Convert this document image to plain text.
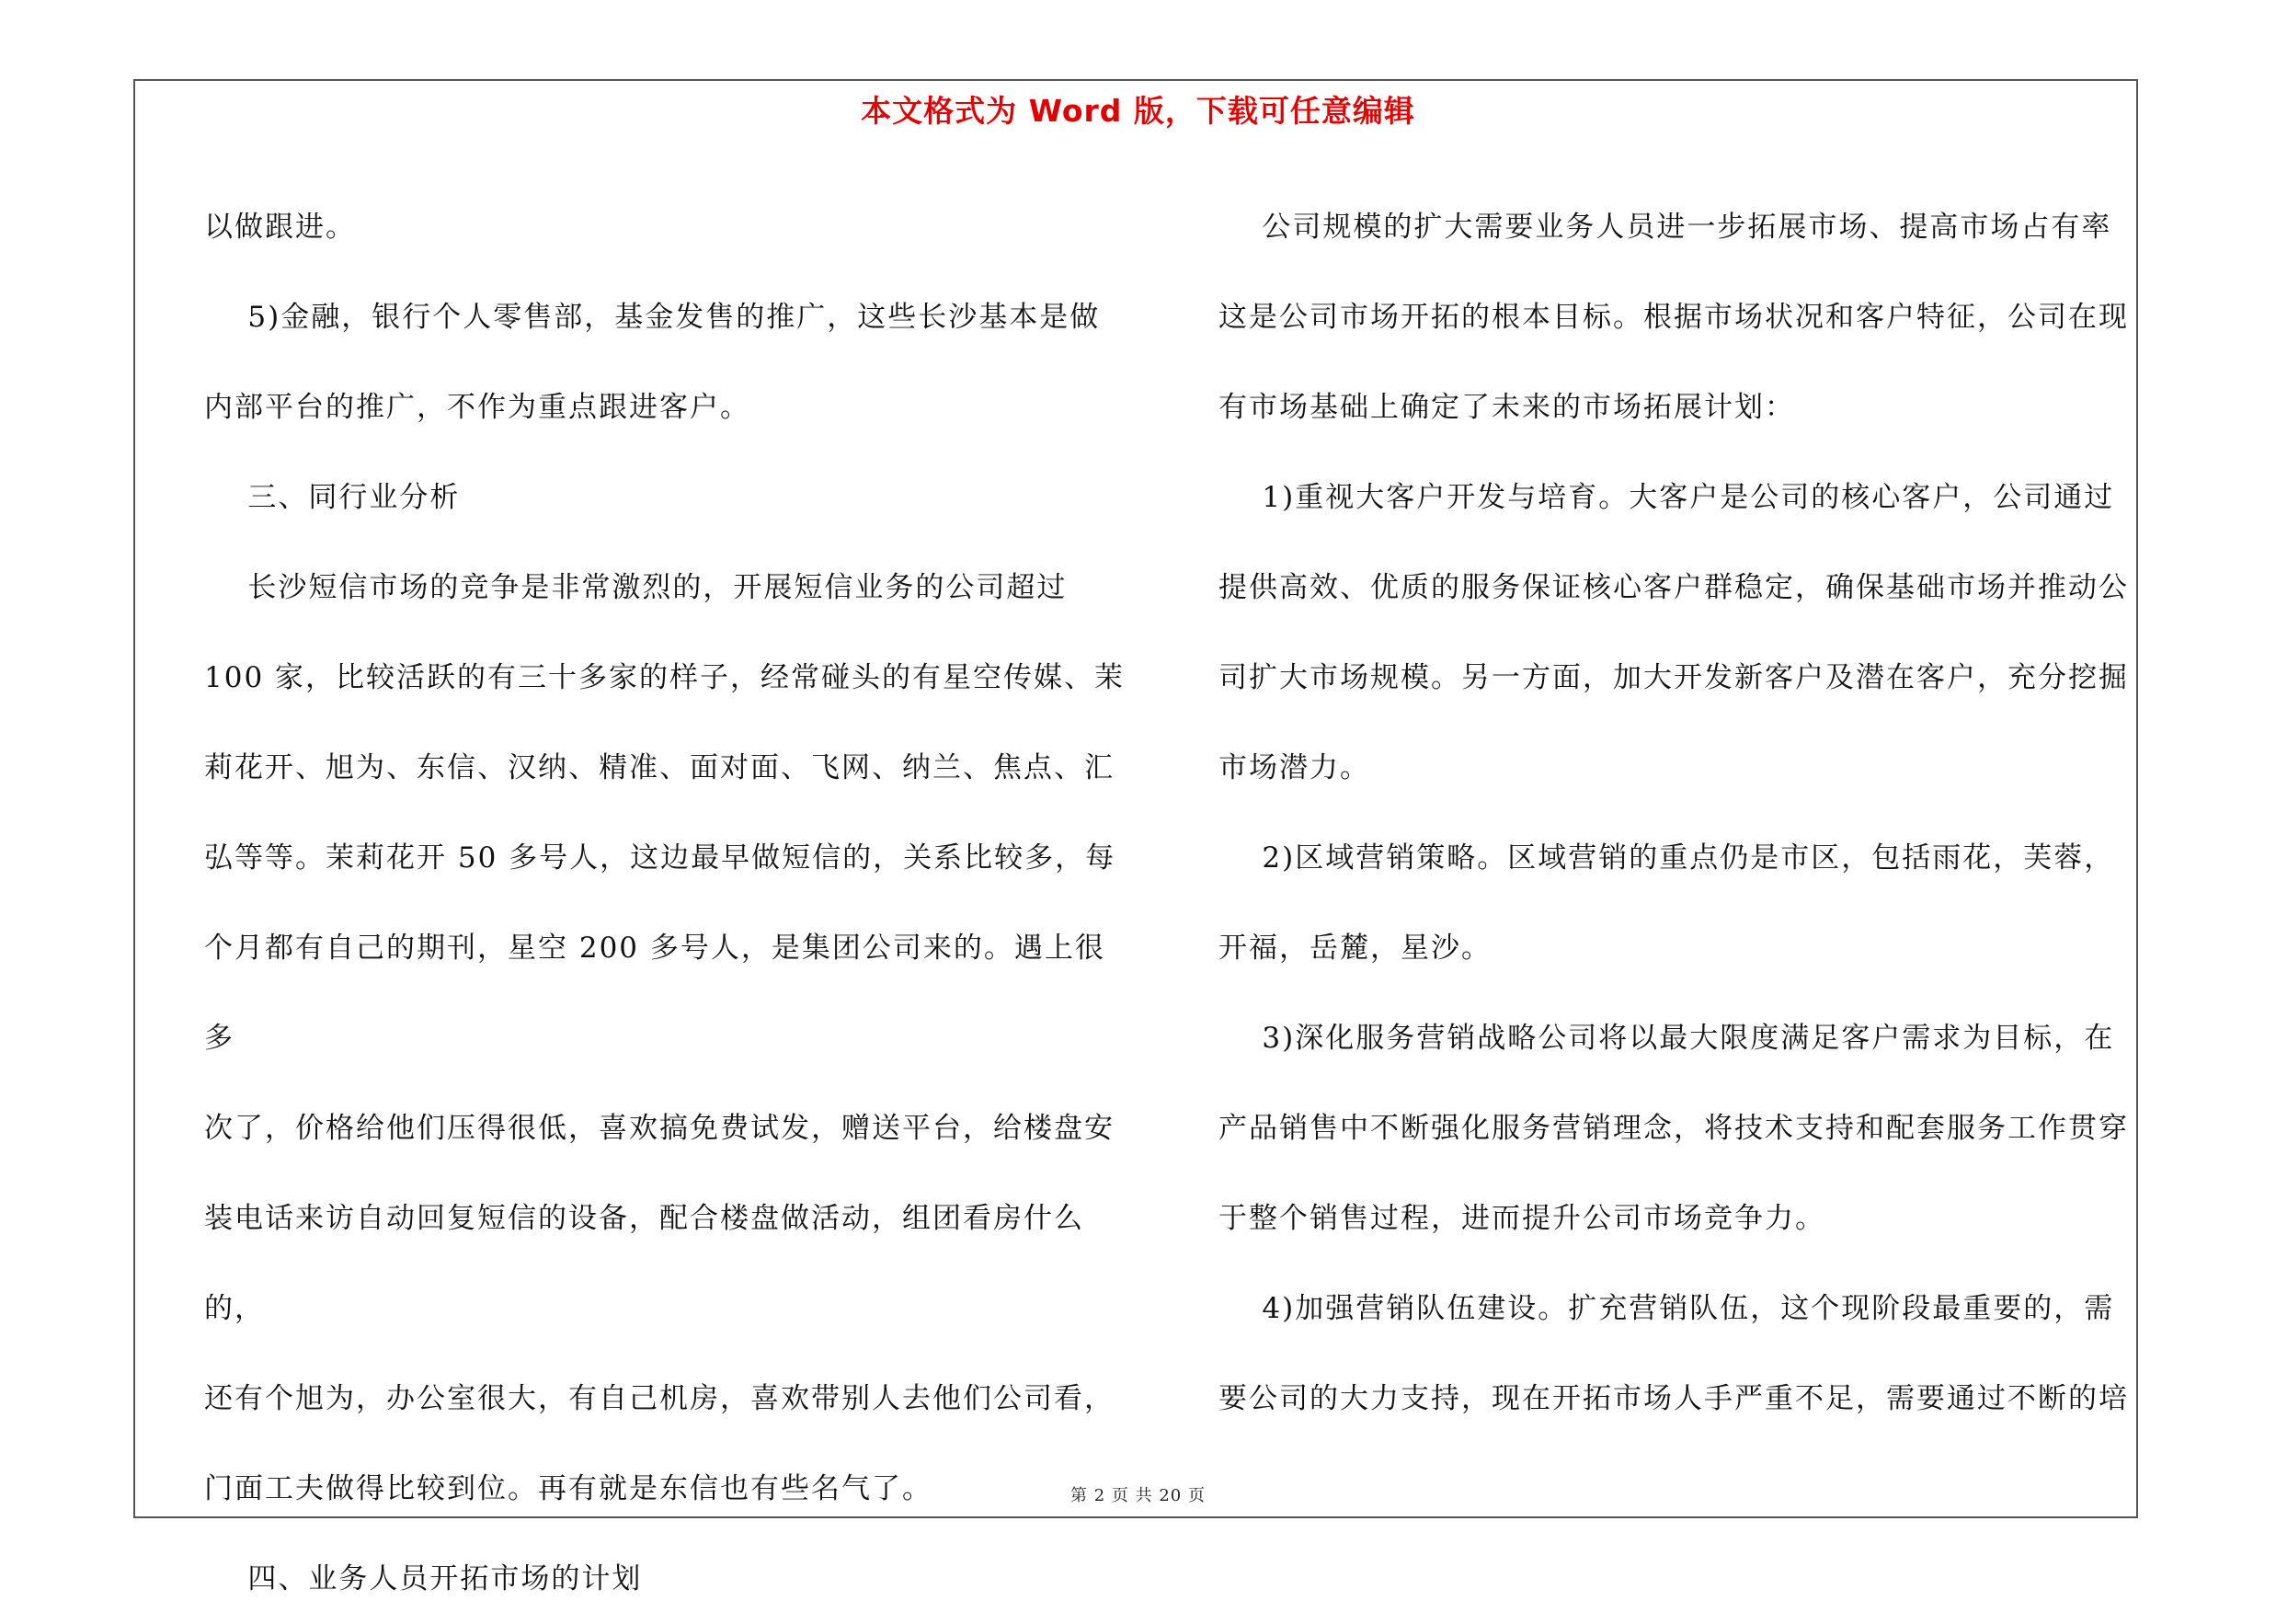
本文格式为 Word 版，下载可任意编辑

以做跟进。

5)金融，银行个人零售部，基金发售的推广，这些长沙基本是做

内部平台的推广，不作为重点跟进客户。

三、同行业分析

长沙短信市场的竞争是非常激烈的，开展短信业务的公司超过

100 家，比较活跃的有三十多家的样子，经常碰头的有星空传媒、茉

莉花开、旭为、东信、汉纳、精准、面对面、飞网、纳兰、焦点、汇

弘等等。茉莉花开 50 多号人，这边最早做短信的，关系比较多，每

个月都有自己的期刊，星空 200 多号人，是集团公司来的。遇上很多

次了，价格给他们压得很低，喜欢搞免费试发，赠送平台，给楼盘安

装电话来访自动回复短信的设备，配合楼盘做活动，组团看房什么的，

还有个旭为，办公室很大，有自己机房，喜欢带别人去他们公司看，

门面工夫做得比较到位。再有就是东信也有些名气了。

四、业务人员开拓市场的计划

公司规模的扩大需要业务人员进一步拓展市场、提高市场占有率

这是公司市场开拓的根本目标。根据市场状况和客户特征，公司在现

有市场基础上确定了未来的市场拓展计划：

1)重视大客户开发与培育。大客户是公司的核心客户，公司通过

提供高效、优质的服务保证核心客户群稳定，确保基础市场并推动公

司扩大市场规模。另一方面，加大开发新客户及潜在客户，充分挖掘

市场潜力。

2)区域营销策略。区域营销的重点仍是市区，包括雨花，芙蓉，

开福，岳麓，星沙。

3)深化服务营销战略公司将以最大限度满足客户需求为目标，在

产品销售中不断强化服务营销理念，将技术支持和配套服务工作贯穿

于整个销售过程，进而提升公司市场竞争力。

4)加强营销队伍建设。扩充营销队伍，这个现阶段最重要的，需

要公司的大力支持，现在开拓市场人手严重不足，需要通过不断的培

第 2 页 共 20 页
